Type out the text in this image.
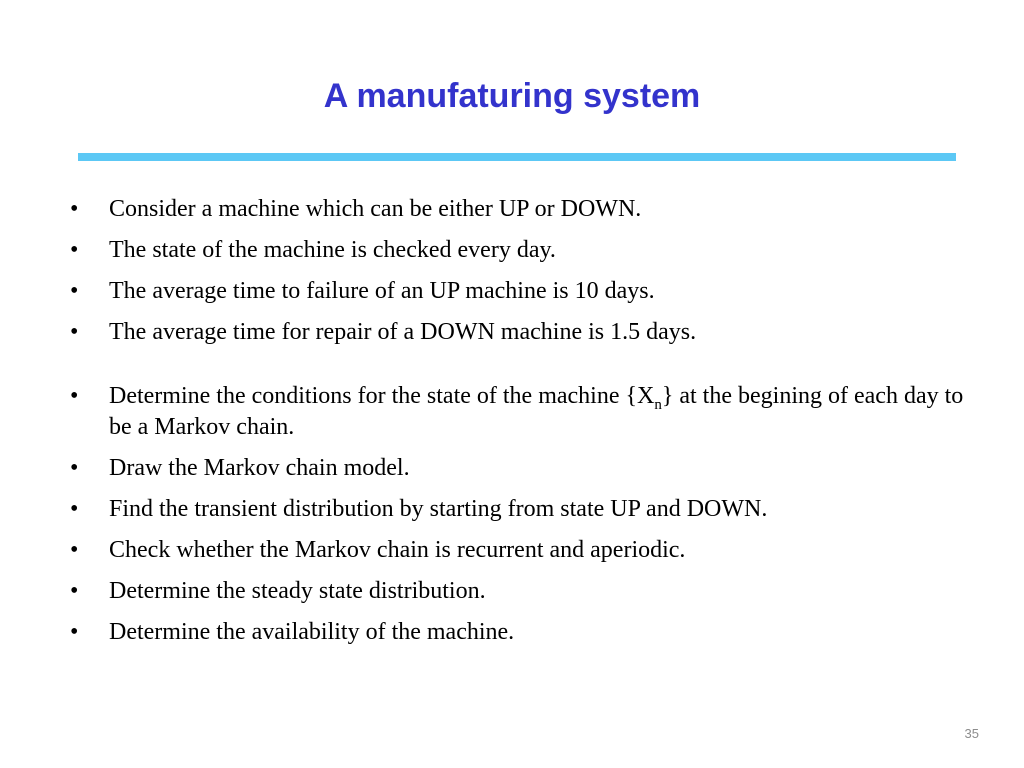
A manufaturing system
•	Consider a machine which can be either UP or DOWN.
•	The state of the machine is checked every day.
•	The average time to failure of an UP machine is 10 days.
•	The average time for repair of a DOWN machine is 1.5 days.
•	Determine the conditions for the state of the machine $\{X_n\}$ at the begining of each day to be a Markov chain.
•	Draw the Markov chain model.
•	Find the transient distribution by starting from state UP and DOWN.
•	Check whether the Markov chain is recurrent and aperiodic.
•	Determine the steady state distribution.
•	Determine the availability of the machine.
35
